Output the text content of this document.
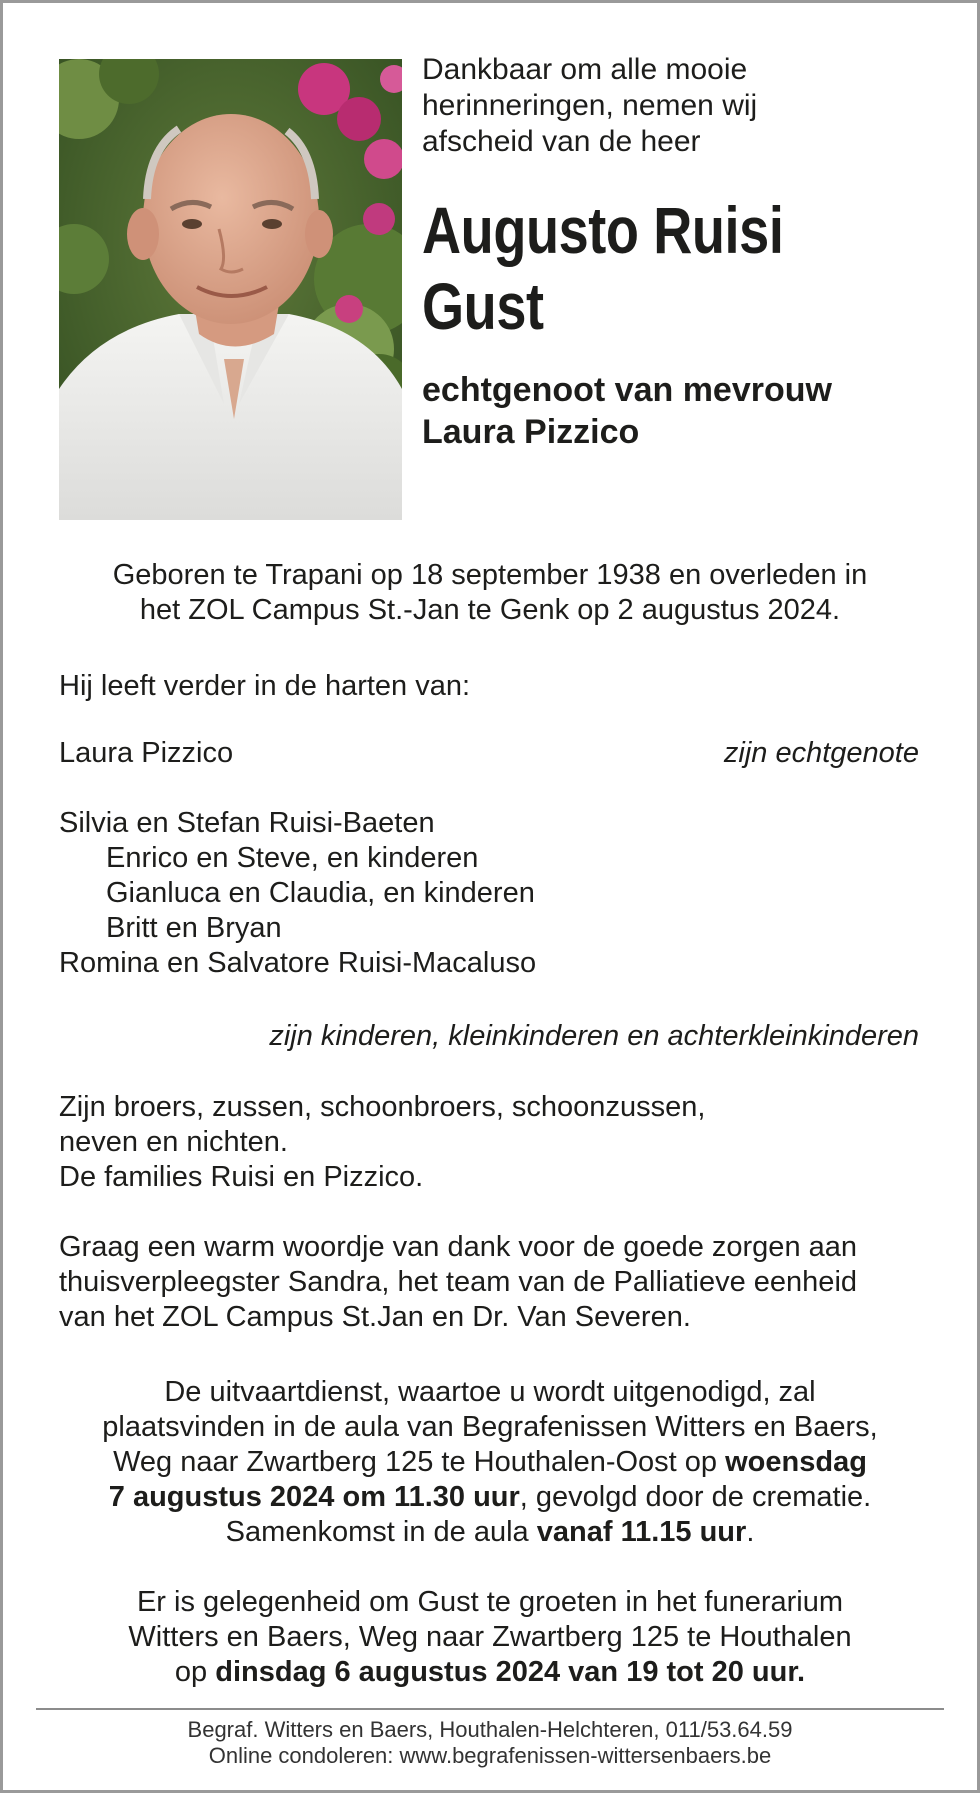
Dankbaar om alle mooie
herinneringen, nemen wij
afscheid van de heer
Augusto Ruisi
Gust
echtgenoot van mevrouw
Laura Pizzico
Geboren te Trapani op 18 september 1938 en overleden in
het ZOL Campus St.-Jan te Genk op 2 augustus 2024.
Hij leeft verder in de harten van:
Laura Pizzico	zijn echtgenote
Silvia en Stefan Ruisi-Baeten
Enrico en Steve, en kinderen
Gianluca en Claudia, en kinderen
Britt en Bryan
Romina en Salvatore Ruisi-Macaluso
zijn kinderen, kleinkinderen en achterkleinkinderen
Zijn broers, zussen, schoonbroers, schoonzussen,
neven en nichten.
De families Ruisi en Pizzico.
Graag een warm woordje van dank voor de goede zorgen aan
thuisverpleegster Sandra, het team van de Palliatieve eenheid
van het ZOL Campus St.Jan en Dr. Van Severen.
De uitvaartdienst, waartoe u wordt uitgenodigd, zal
plaatsvinden in de aula van Begrafenissen Witters en Baers,
Weg naar Zwartberg 125 te Houthalen-Oost op woensdag
7 augustus 2024 om 11.30 uur, gevolgd door de crematie.
Samenkomst in de aula vanaf 11.15 uur.
Er is gelegenheid om Gust te groeten in het funerarium
Witters en Baers, Weg naar Zwartberg 125 te Houthalen
op dinsdag 6 augustus 2024 van 19 tot 20 uur.
Begraf. Witters en Baers, Houthalen-Helchteren, 011/53.64.59
Online condoleren: www.begrafenissen-wittersenbaers.be
